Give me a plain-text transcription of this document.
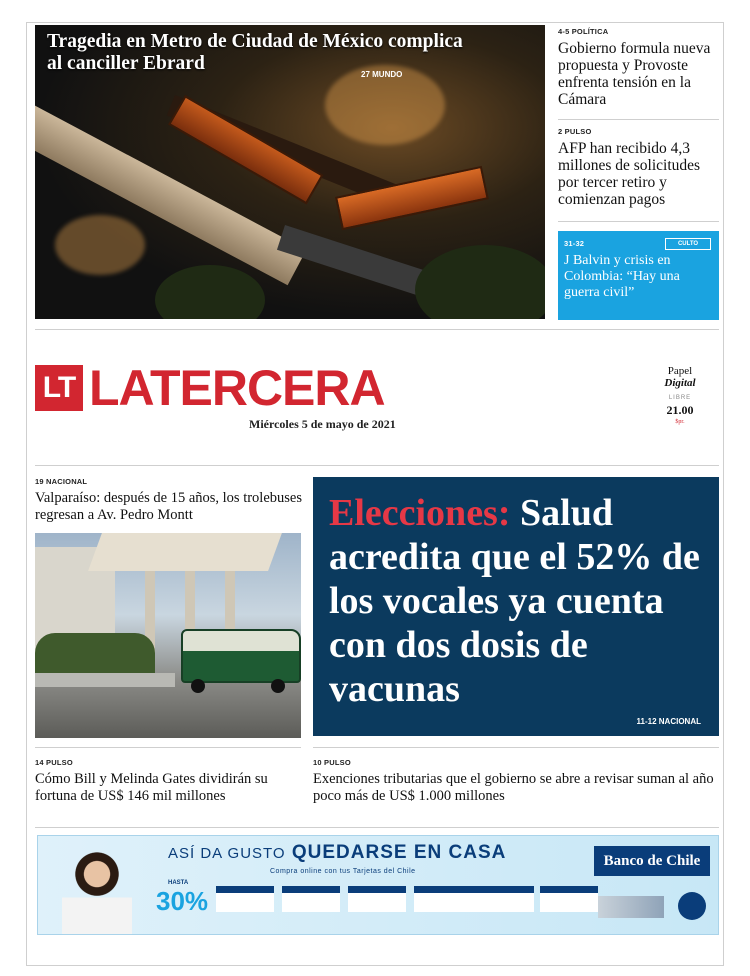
Tragedia en Metro de Ciudad de México complica al canciller Ebrard
27 MUNDO
4-5 POLÍTICA
Gobierno formula nueva propuesta y Provoste enfrenta tensión en la Cámara
2 PULSO
AFP han recibido 4,3 millones de solicitudes por tercer retiro y comienzan pagos
31-32	CULTO
J Balvin y crisis en Colombia: “Hay una guerra civil”
LT LATERCERA
Miércoles 5 de mayo de 2021
Papel
Digital
LIBRE
21.00
$pr.
19 NACIONAL
Valparaíso: después de 15 años, los trolebuses regresan a Av. Pedro Montt	Elecciones: Salud acredita que el 52% de los vocales ya cuenta con dos dosis de vacunas
11-12 NACIONAL
14 PULSO
Cómo Bill y Melinda Gates dividirán su fortuna de US$ 146 mil millones
10 PULSO
Exenciones tributarias que el gobierno se abre a revisar suman al año poco más de US$ 1.000 millones
ASÍ DA GUSTO QUEDARSE EN CASA
Compra online con tus Tarjetas del Chile
HASTA
30%
Banco de Chile
